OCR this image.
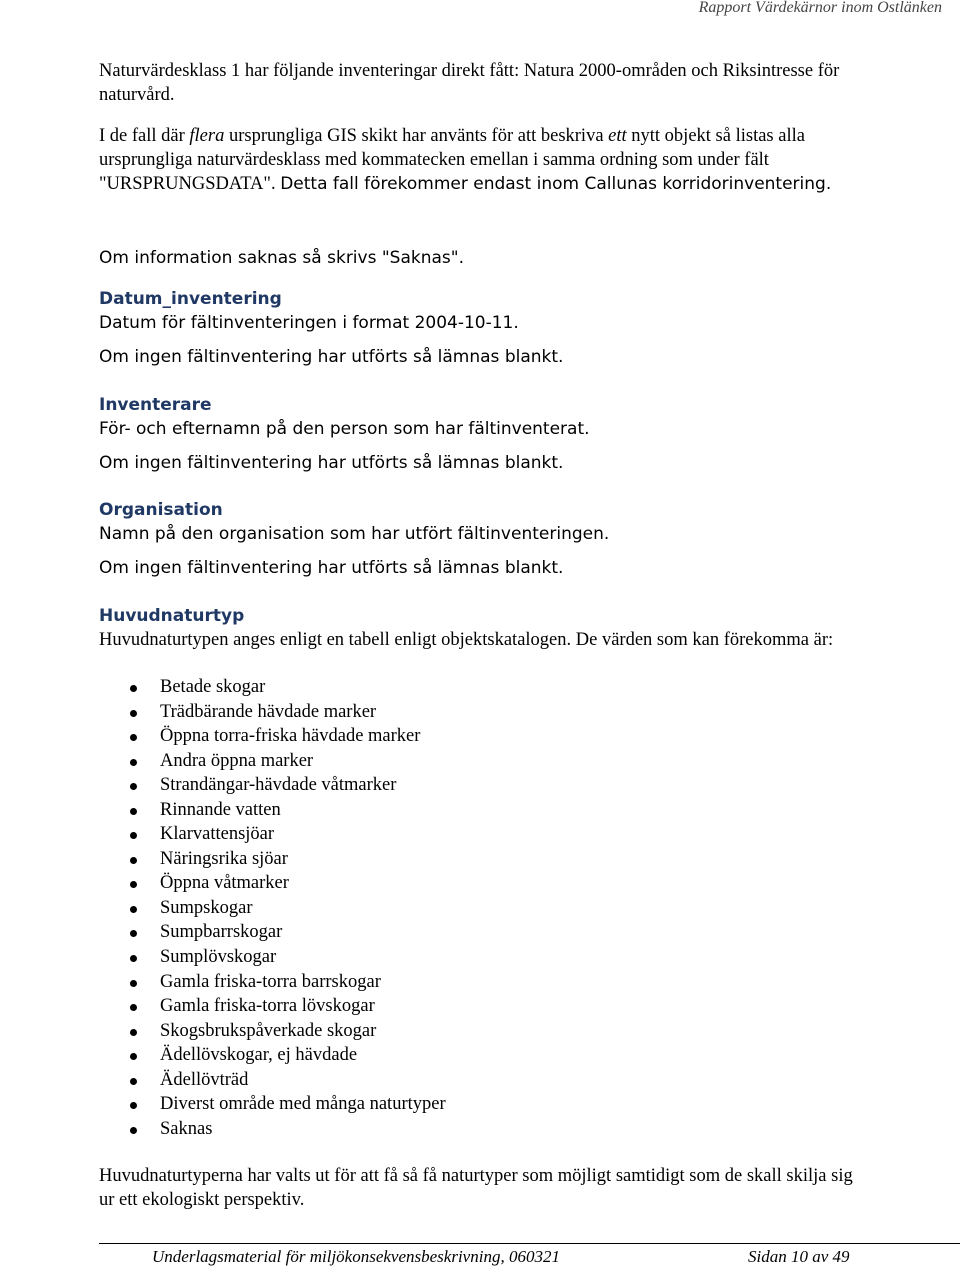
Rapport Värdekärnor inom Ostlänken

Naturvärdesklass 1 har följande inventeringar direkt fått: Natura 2000-områden och Riksintresse för naturvård.

I de fall där flera ursprungliga GIS skikt har använts för att beskriva ett nytt objekt så listas alla ursprungliga naturvärdesklass med kommatecken emellan i samma ordning som under fält "URSPRUNGSDATA". Detta fall förekommer endast inom Callunas korridorinventering.

Om information saknas så skrivs "Saknas".

Datum_inventering
Datum för fältinventeringen i format 2004-10-11.
Om ingen fältinventering har utförts så lämnas blankt.
Inventerare
För- och efternamn på den person som har fältinventerat.
Om ingen fältinventering har utförts så lämnas blankt.
Organisation
Namn på den organisation som har utfört fältinventeringen.
Om ingen fältinventering har utförts så lämnas blankt.
Huvudnaturtyp
Huvudnaturtypen anges enligt en tabell enligt objektskatalogen. De värden som kan förekomma är:
Betade skogar
Trädbärande hävdade marker
Öppna torra-friska hävdade marker
Andra öppna marker
Strandängar-hävdade våtmarker
Rinnande vatten
Klarvattensjöar
Näringsrika sjöar
Öppna våtmarker
Sumpskogar
Sumpbarrskogar
Sumplövskogar
Gamla friska-torra barrskogar
Gamla friska-torra lövskogar
Skogsbrukspåverkade skogar
Ädellövskogar, ej hävdade
Ädellövträd
Diverst område med många naturtyper
Saknas

Huvudnaturtyperna har valts ut för att få så få naturtyper som möjligt samtidigt som de skall skilja sig ur ett ekologiskt perspektiv.

Underlagsmaterial för miljökonsekvensbeskrivning, 060321	Sidan 10 av 49
